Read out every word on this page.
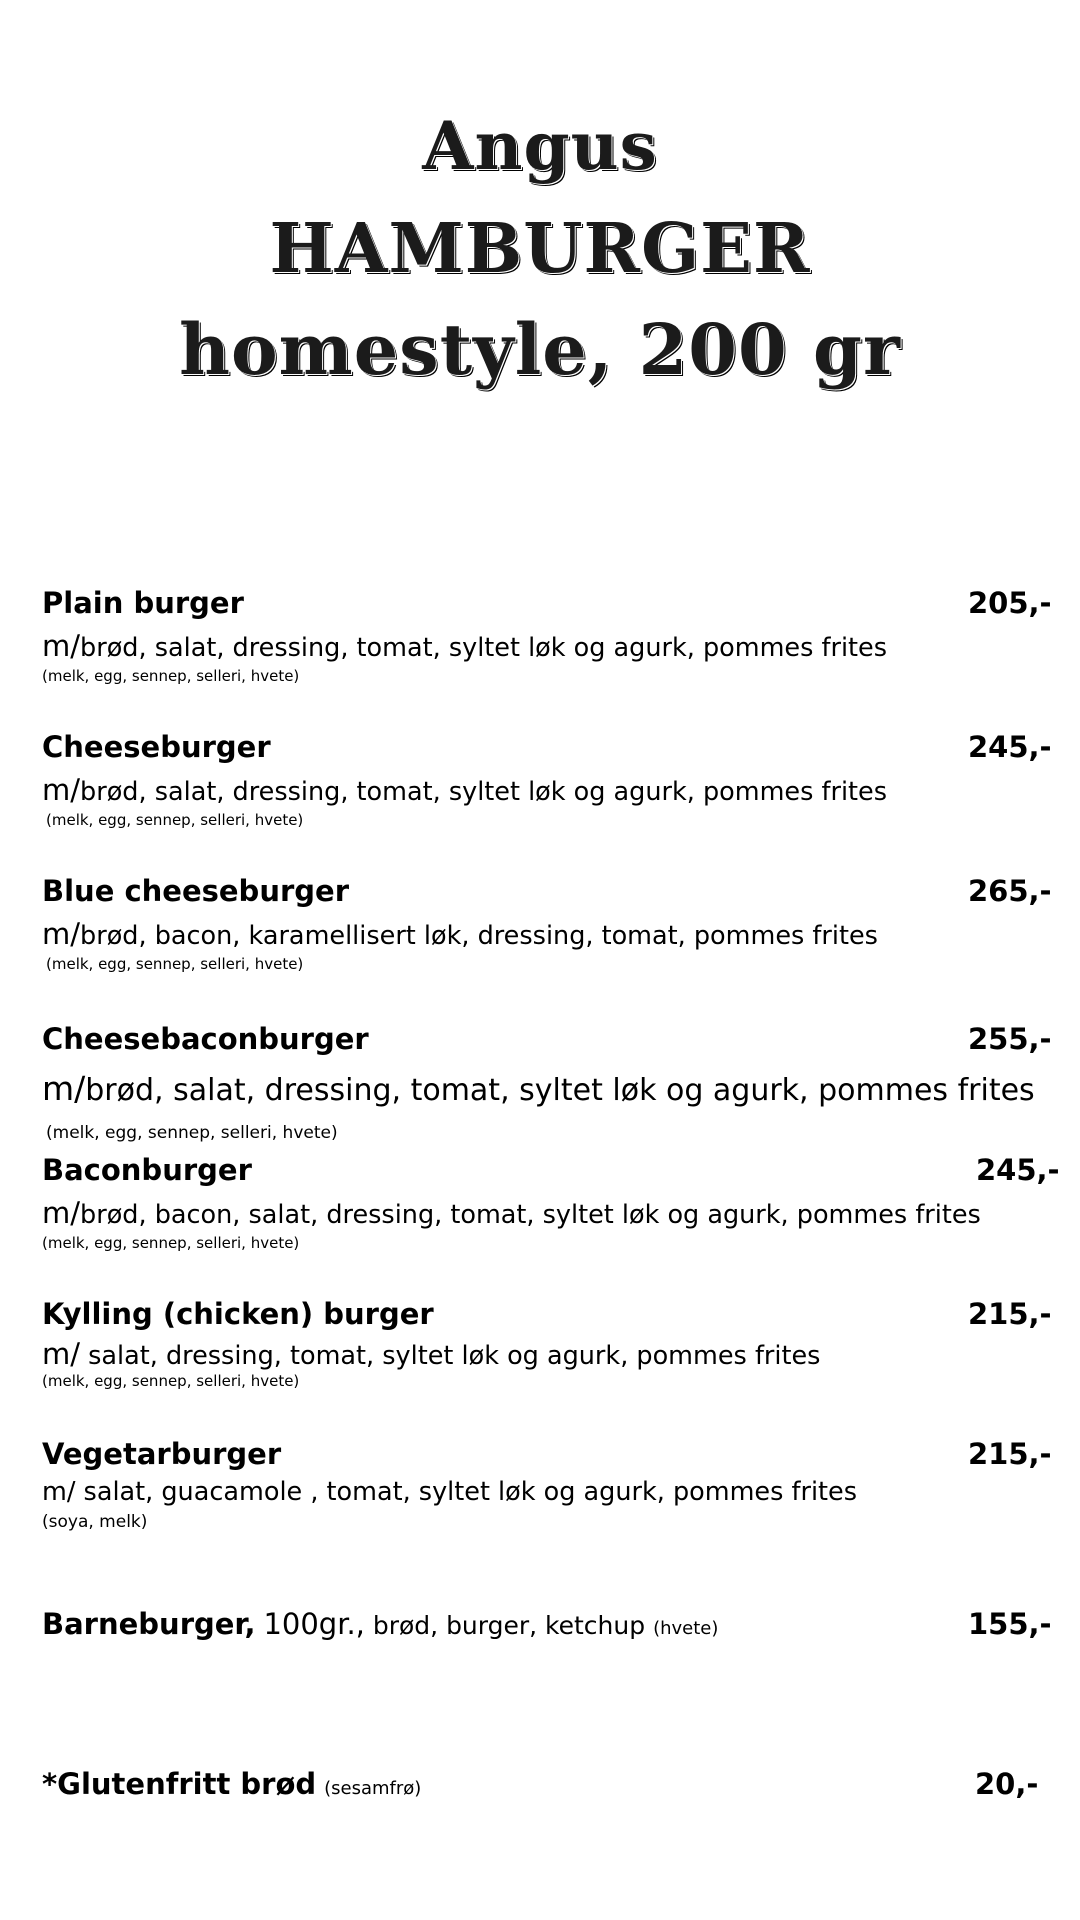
Angus
HAMBURGER
homestyle, 200 gr
Plain burger	205,-
m/brød, salat, dressing, tomat, syltet løk og agurk, pommes frites
(melk, egg, sennep, selleri, hvete)
Cheeseburger	245,-
m/brød, salat, dressing, tomat, syltet løk og agurk, pommes frites
(melk, egg, sennep, selleri, hvete)
Blue cheeseburger	265,-
m/brød, bacon, karamellisert løk, dressing, tomat, pommes frites
(melk, egg, sennep, selleri, hvete)
Cheesebaconburger	255,-
m/brød, salat, dressing, tomat, syltet løk og agurk, pommes frites
(melk, egg, sennep, selleri, hvete)
Baconburger	245,-
m/brød, bacon, salat, dressing, tomat, syltet løk og agurk, pommes frites
(melk, egg, sennep, selleri, hvete)
Kylling (chicken) burger	215,-
m/ salat, dressing, tomat, syltet løk og agurk, pommes frites
(melk, egg, sennep, selleri, hvete)
Vegetarburger	215,-
m/ salat, guacamole , tomat, syltet løk og agurk, pommes frites
(soya, melk)
Barneburger, 100gr., brød, burger, ketchup (hvete)	155,-
*Glutenfritt brød (sesamfrø)	20,-
